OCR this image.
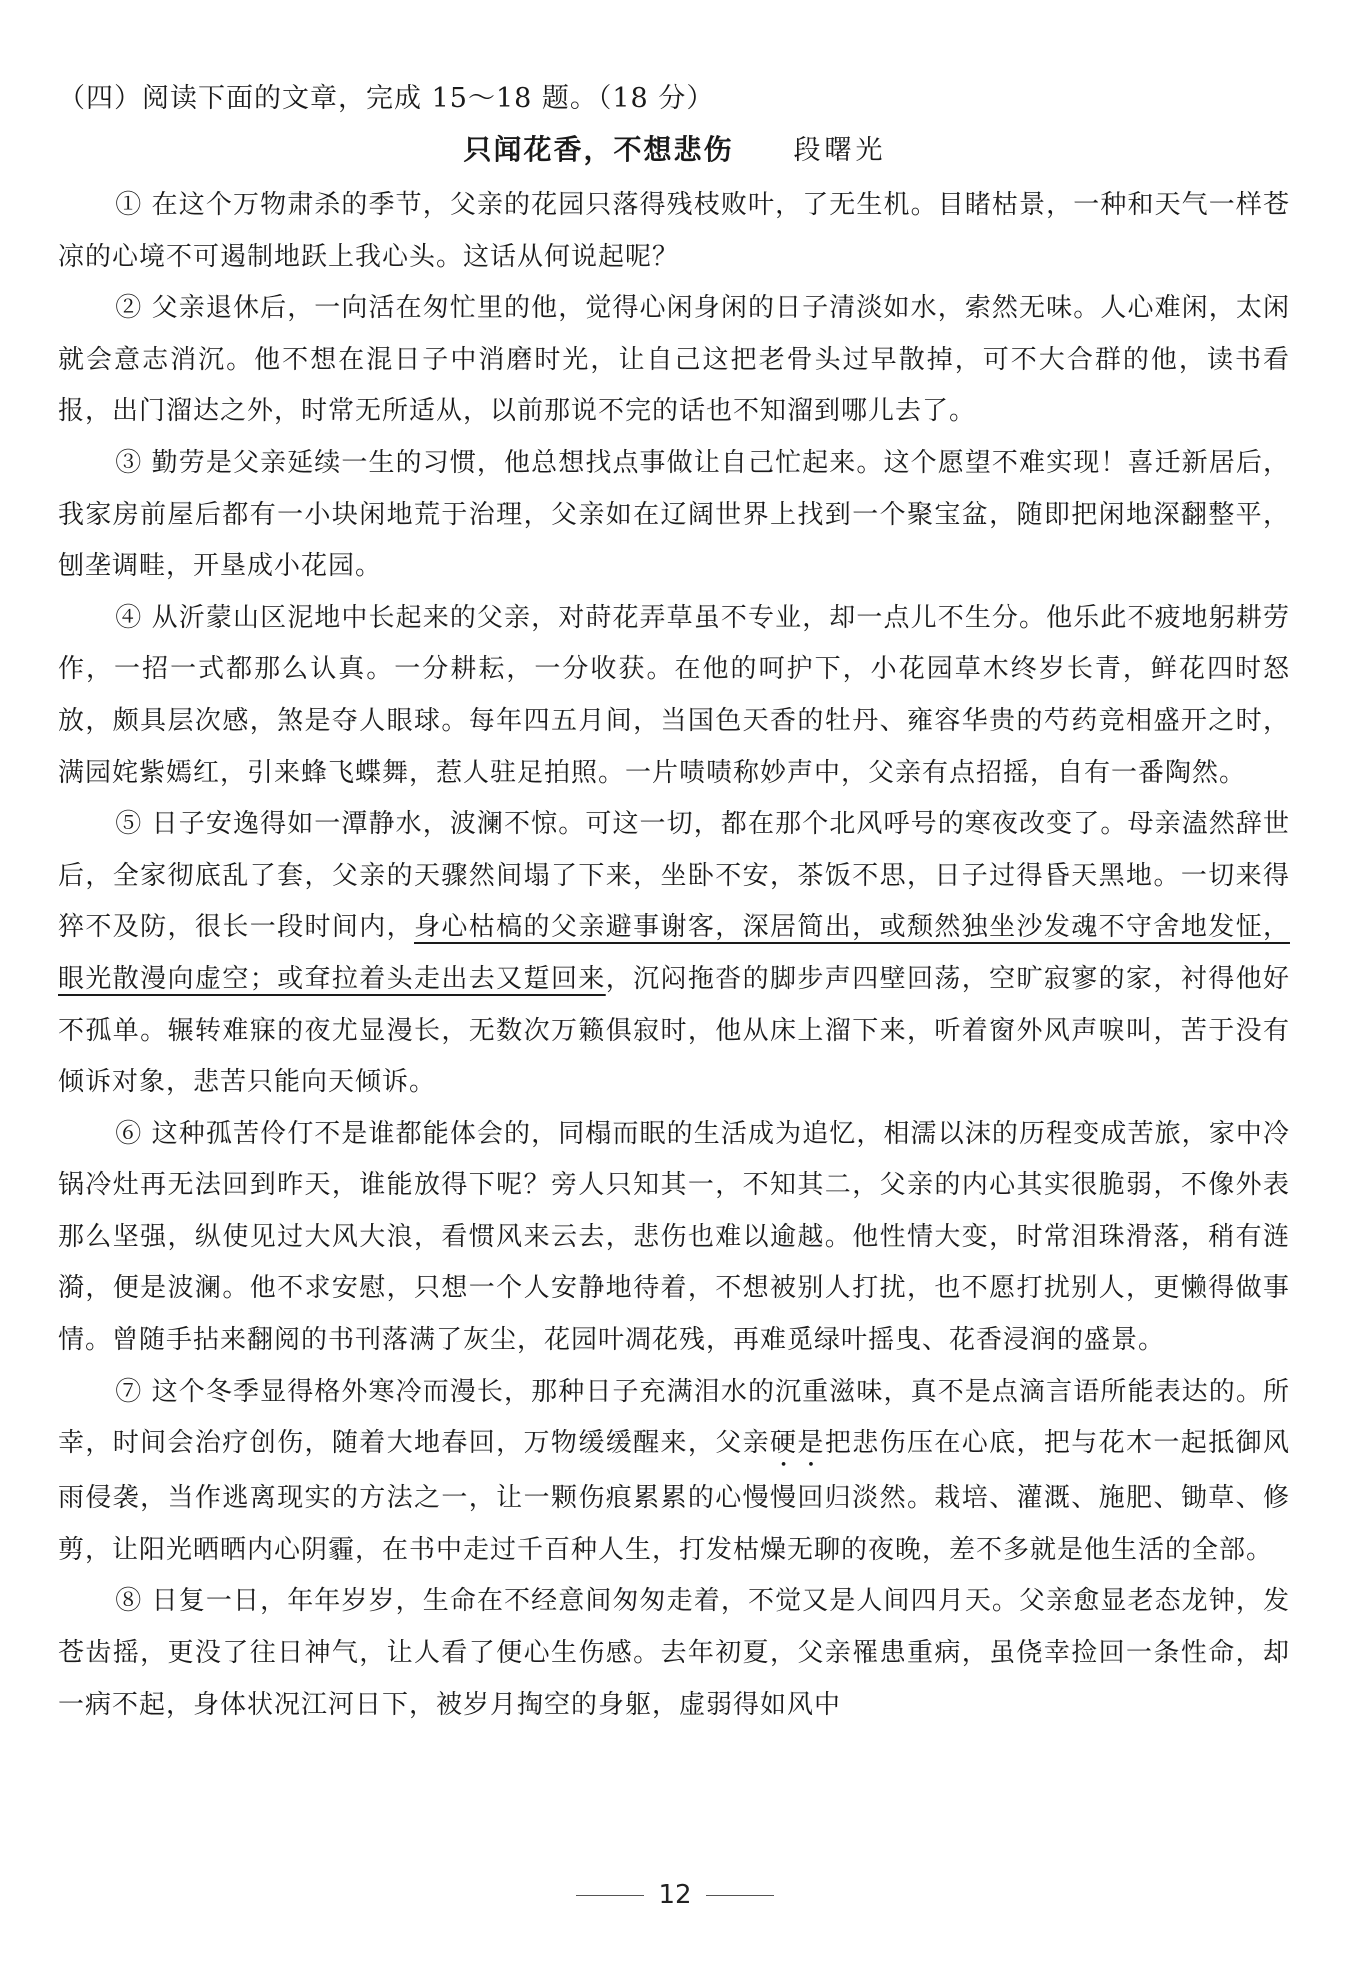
（四）阅读下面的文章，完成 15～18 题。（18 分）
只闻花香，不想悲伤 段曙光

① 在这个万物肃杀的季节，父亲的花园只落得残枝败叶，了无生机。目睹枯景，一种和天气一样苍凉的心境不可遏制地跃上我心头。这话从何说起呢？

② 父亲退休后，一向活在匆忙里的他，觉得心闲身闲的日子清淡如水，索然无味。人心难闲，太闲就会意志消沉。他不想在混日子中消磨时光，让自己这把老骨头过早散掉，可不大合群的他，读书看报，出门溜达之外，时常无所适从，以前那说不完的话也不知溜到哪儿去了。

③ 勤劳是父亲延续一生的习惯，他总想找点事做让自己忙起来。这个愿望不难实现！喜迁新居后，我家房前屋后都有一小块闲地荒于治理，父亲如在辽阔世界上找到一个聚宝盆，随即把闲地深翻整平，刨垄调畦，开垦成小花园。

④ 从沂蒙山区泥地中长起来的父亲，对莳花弄草虽不专业，却一点儿不生分。他乐此不疲地躬耕劳作，一招一式都那么认真。一分耕耘，一分收获。在他的呵护下，小花园草木终岁长青，鲜花四时怒放，颇具层次感，煞是夺人眼球。每年四五月间，当国色天香的牡丹、雍容华贵的芍药竞相盛开之时，满园姹紫嫣红，引来蜂飞蝶舞，惹人驻足拍照。一片啧啧称妙声中，父亲有点招摇，自有一番陶然。

⑤ 日子安逸得如一潭静水，波澜不惊。可这一切，都在那个北风呼号的寒夜改变了。母亲溘然辞世后，全家彻底乱了套，父亲的天骤然间塌了下来，坐卧不安，茶饭不思，日子过得昏天黑地。一切来得猝不及防，很长一段时间内，身心枯槁的父亲避事谢客，深居简出，或颓然独坐沙发魂不守舍地发怔，眼光散漫向虚空；或耷拉着头走出去又踅回来，沉闷拖沓的脚步声四壁回荡，空旷寂寥的家，衬得他好不孤单。辗转难寐的夜尤显漫长，无数次万籁俱寂时，他从床上溜下来，听着窗外风声唳叫，苦于没有倾诉对象，悲苦只能向天倾诉。

⑥ 这种孤苦伶仃不是谁都能体会的，同榻而眠的生活成为追忆，相濡以沫的历程变成苦旅，家中冷锅冷灶再无法回到昨天，谁能放得下呢？旁人只知其一，不知其二，父亲的内心其实很脆弱，不像外表那么坚强，纵使见过大风大浪，看惯风来云去，悲伤也难以逾越。他性情大变，时常泪珠滑落，稍有涟漪，便是波澜。他不求安慰，只想一个人安静地待着，不想被别人打扰，也不愿打扰别人，更懒得做事情。曾随手拈来翻阅的书刊落满了灰尘，花园叶凋花残，再难觅绿叶摇曳、花香浸润的盛景。

⑦ 这个冬季显得格外寒冷而漫长，那种日子充满泪水的沉重滋味，真不是点滴言语所能表达的。所幸，时间会治疗创伤，随着大地春回，万物缓缓醒来，父亲硬是把悲伤压在心底，把与花木一起抵御风雨侵袭，当作逃离现实的方法之一，让一颗伤痕累累的心慢慢回归淡然。栽培、灌溉、施肥、锄草、修剪，让阳光晒晒内心阴霾，在书中走过千百种人生，打发枯燥无聊的夜晚，差不多就是他生活的全部。

⑧ 日复一日，年年岁岁，生命在不经意间匆匆走着，不觉又是人间四月天。父亲愈显老态龙钟，发苍齿摇，更没了往日神气，让人看了便心生伤感。去年初夏，父亲罹患重病，虽侥幸捡回一条性命，却一病不起，身体状况江河日下，被岁月掏空的身躯，虚弱得如风中

12
